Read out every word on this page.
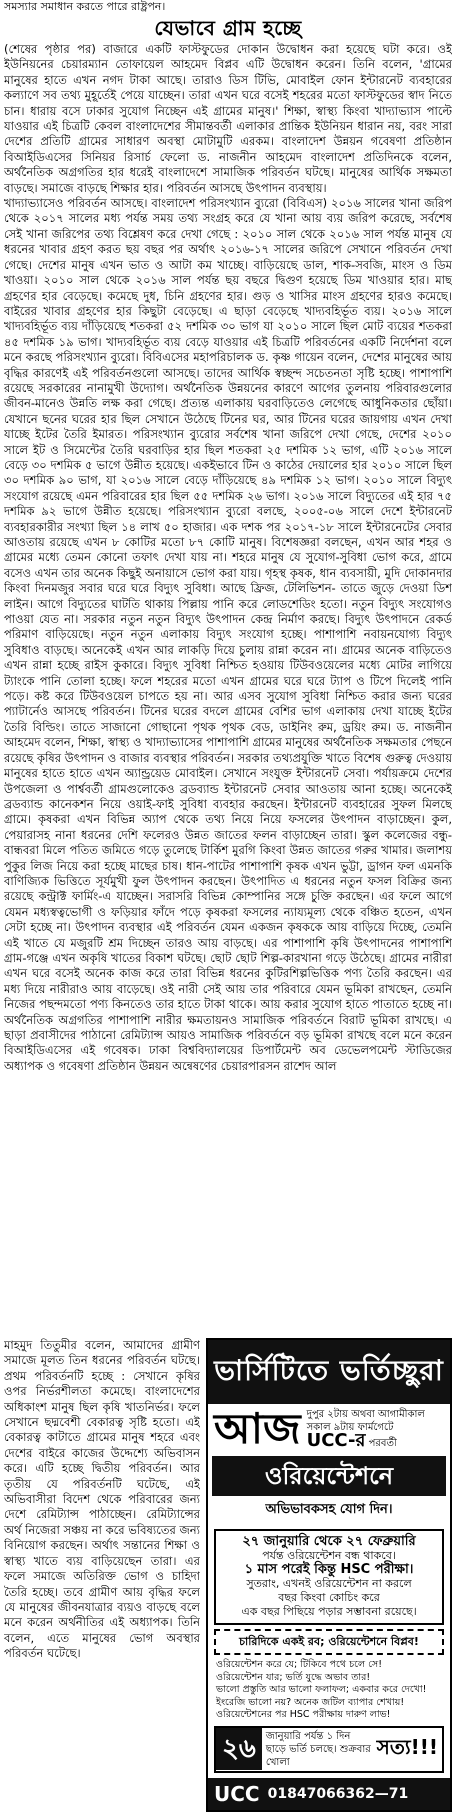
সমস্যার সমাধান করতে পারে রাষ্ট্রপন।
যেভাবে গ্রাম হচ্ছে

(শেষের পৃষ্ঠার পর) বাজারে একটি ফাস্টফুডের দোকান উদ্বোধন করা হয়েছে ঘটা করে। ওই ইউনিয়নের চেয়ারম্যান তোফায়েল আহমেদ বিপ্লব এটি উদ্বোধন করেন। তিনি বলেন, 'গ্রামের মানুষের হাতে এখন নগদ টাকা আছে। তারাও ডিস টিভি, মোবাইল ফোন ইন্টারনেট ব্যবহারের কল্যাণে সব তথ্য মুহূর্তেই পেয়ে যাচ্ছেন। তারা এখন ঘরে বসেই শহরের মতো ফাস্টফুডের স্বাদ নিতে চান। ধারায় বসে ঢাকার সুযোগ নিচ্ছেন এই গ্রামের মানুষ।' শিক্ষা, স্বাস্থ্য কিংবা খাদ্যাভ্যাস পাল্টে যাওয়ার এই চিত্রটি কেবল বাংলাদেশের সীমান্তবর্তী এলাকার প্রান্তিক ইউনিয়ন ধারান নয়, বরং সারা দেশের প্রতিটি গ্রামের সাধারণ অবস্থা মোটামুটি এরকম। বাংলাদেশ উন্নয়ন গবেষণা প্রতিষ্ঠান বিআইডিএসের সিনিয়র রিসার্চ ফেলো ড. নাজনীন আহমেদ বাংলাদেশ প্রতিদিনকে বলেন, অর্থনৈতিক অগ্রগতির হার ধরেই বাংলাদেশে সামাজিক পরিবর্তন ঘটছে। মানুষের আর্থিক সক্ষমতা বাড়ছে। সমাজে বাড়ছে শিক্ষার হার। পরিবর্তন আসছে উৎপাদন ব্যবস্থায়।

খাদ্যাভ্যাসেও পরিবর্তন আসছে। বাংলাদেশ পরিসংখ্যান ব্যুরো (বিবিএস) ২০১৬ সালের খানা জরিপ থেকে ২০১৭ সালের মধ্য পর্যন্ত সময় তথ্য সংগ্রহ করে যে খানা আয় ব্যয় জরিপ করেছে, সর্বশেষ সেই খানা জরিপের তথ্য বিশ্লেষণ করে দেখা গেছে : ২০১০ সাল থেকে ২০১৬ সাল পর্যন্ত মানুষ যে ধরনের খাবার গ্রহণ করত ছয় বছর পর অর্থাৎ ২০১৬-১৭ সালের জরিপে সেখানে পরিবর্তন দেখা গেছে। দেশের মানুষ এখন ভাত ও আটা কম খাচ্ছে। বাড়িয়েছে ডাল, শাক-সবজি, মাংস ও ডিম খাওয়া। ২০১০ সাল থেকে ২০১৬ সাল পর্যন্ত ছয় বছরে দ্বিগুণ হয়েছে ডিম খাওয়ার হার। মাছ গ্রহণের হার বেড়েছে। কমেছে দুধ, চিনি গ্রহণের হার। গুড় ও খাসির মাংস গ্রহণের হারও কমেছে। বাইরের খাবার গ্রহণের হার কিছুটা বেড়েছে। এ ছাড়া বেড়েছে খাদ্যবহির্ভূত ব্যয়। ২০১৬ সালে খাদ্যবহির্ভূত ব্যয় দাঁড়িয়েছে শতকরা ৫২ দশমিক ৩০ ভাগ যা ২০১০ সালে ছিল মোট ব্যয়ের শতকরা ৪৫ দশমিক ১৯ ভাগ। খাদ্যবহির্ভূত ব্যয় বেড়ে যাওয়ার এই চিত্রটি পরিবর্তনের একটি নির্দেশনা বলে মনে করছে পরিসংখ্যান ব্যুরো। বিবিএসের মহাপরিচালক ড. কৃষ্ণ গায়েন বলেন, দেশের মানুষের আয় বৃদ্ধির কারণেই এই পরিবর্তনগুলো আসছে। তাদের আর্থিক স্বচ্ছন্দ সচেতনতা সৃষ্টি হচ্ছে। পাশাপাশি রয়েছে সরকারের নানামুখী উদ্যোগ। অর্থনৈতিক উন্নয়নের কারণে আগের তুলনায় পরিবারগুলোর জীবন-মানেও উন্নতি লক্ষ করা গেছে। প্রত্যন্ত এলাকায় ঘরবাড়িতেও লেগেছে আধুনিকতার ছোঁয়া। যেখানে ছনের ঘরের হার ছিল সেখানে উঠেছে টিনের ঘর, আর টিনের ঘরের জায়গায় এখন দেখা যাচ্ছে ইটের তৈরি ইমারত। পরিসংখ্যান ব্যুরোর সর্বশেষ খানা জরিপে দেখা গেছে, দেশের ২০১০ সালে ইট ও সিমেন্টের তৈরি ঘরবাড়ির হার ছিল শতকরা ২৫ দশমিক ১২ ভাগ, এটি ২০১৬ সালে বেড়ে ৩০ দশমিক ৫ ভাগে উন্নীত হয়েছে। একইভাবে টিন ও কাঠের দেয়ালের হার ২০১০ সালে ছিল ৩০ দশমিক ৯০ ভাগ, যা ২০১৬ সালে বেড়ে দাঁড়িয়েছে ৪৯ দশমিক ১২ ভাগ। ২০১০ সালে বিদ্যুৎ সংযোগ রয়েছে এমন পরিবারের হার ছিল ৫৫ দশমিক ২৬ ভাগ। ২০১৬ সালে বিদ্যুতের এই হার ৭৫ দশমিক ৯২ ভাগে উন্নীত হয়েছে। পরিসংখ্যান ব্যুরো বলছে, ২০০৫-০৬ সালে দেশে ইন্টারনেট ব্যবহারকারীর সংখ্যা ছিল ১৪ লাখ ৫০ হাজার। এক দশক পর ২০১৭-১৮ সালে ইন্টারনেটের সেবার আওতায় রয়েছে এখন ৮ কোটির মতো ৮৭ কোটি মানুষ। বিশেষজ্ঞরা বলছেন, এখন আর শহর ও গ্রামের মধ্যে তেমন কোনো তফাৎ দেখা যায় না। শহরে মানুষ যে সুযোগ-সুবিধা ভোগ করে, গ্রামে বসেও এখন তার অনেক কিছুই অনায়াসে ভোগ করা যায়। গৃহস্থ কৃষক, ধান ব্যবসায়ী, মুদি দোকানদার কিংবা দিনমজুর সবার ঘরে ঘরে বিদ্যুৎ সুবিধা। আছে ফ্রিজ, টেলিভিশন- তাতে জুড়ে দেওয়া ডিশ লাইন। আগে বিদ্যুতের ঘাটতি থাকায় পিল্লায় পানি করে লোডশেডিং হতো। নতুন বিদ্যুৎ সংযোগও পাওয়া যেত না। সরকার নতুন নতুন বিদ্যুৎ উৎপাদন কেন্দ্র নির্মাণ করছে। বিদ্যুৎ উৎপাদনে রেকর্ড পরিমাণ বাড়িয়েছে। নতুন নতুন এলাকায় বিদ্যুৎ সংযোগ হচ্ছে। পাশাপাশি নবায়নযোগ্য বিদ্যুৎ সুবিধাও বাড়ছে। অনেকেই এখন আর লাকড়ি দিয়ে চুলায় রান্না করেন না। গ্রামের অনেক বাড়িতেও এখন রান্না হচ্ছে রাইস কুকারে। বিদ্যুৎ সুবিধা নিশ্চিত হওয়ায় টিউবওয়েলের মধ্যে মোটর লাগিয়ে ট্যাংকে পানি তোলা হচ্ছে। ফলে শহরের মতো এখন গ্রামের ঘরে ঘরে ট্যাপ ও টিপে দিলেই পানি পড়ে। কষ্ট করে টিউবওয়েল চাপতে হয় না। আর এসব সুযোগ সুবিধা নিশ্চিত করার জন্য ঘরের প্যাটার্নেও আসছে পরিবর্তন। টিনের ঘরের বদলে গ্রামের বেশির ভাগ এলাকায় দেখা যাচ্ছে ইটের তৈরি বিল্ডিং। তাতে সাজানো গোছানো পৃথক পৃথক বেড, ডাইনিং রুম, ড্রয়িং রুম। ড. নাজনীন আহমেদ বলেন, শিক্ষা, স্বাস্থ্য ও খাদ্যাভ্যাসের পাশাপাশি গ্রামের মানুষের অর্থনৈতিক সক্ষমতার পেছনে রয়েছে কৃষির উৎপাদন ও বাজার ব্যবস্থার পরিবর্তন। সরকার তথ্যপ্রযুক্তি খাতে বিশেষ গুরুত্ব দেওয়ায় মানুষের হাতে হাতে এখন অ্যান্ড্রয়েড মোবাইল। সেখানে সংযুক্ত ইন্টারনেট সেবা। পর্যায়ক্রমে দেশের উপজেলা ও পার্শ্ববর্তী গ্রামগুলোকেও ব্রডব্যান্ড ইন্টারনেট সেবার আওতায় আনা হচ্ছে। অনেকেই ব্রডব্যান্ড কানেকশন নিয়ে ওয়াই-ফাই সুবিধা ব্যবহার করছেন। ইন্টারনেট ব্যবহারের সুফল মিলছে গ্রামে। কৃষকরা এখন বিভিন্ন অ্যাপ থেকে তথ্য নিয়ে নিয়ে ফসলের উৎপাদন বাড়াচ্ছেন। কুল, পেয়ারাসহ নানা ধরনের দেশি ফলেরও উন্নত জাতের ফলন বাড়াচ্ছেন তারা। স্কুল কলেজের বন্ধু-বান্ধবরা মিলে পতিত জমিতে গড়ে তুলেছে টার্কিশ মুরগি কিংবা উন্নত জাতের গরুর খামার। জলাশয় পুকুর লিজ নিয়ে করা হচ্ছে মাছের চাষ। ধান-পাটের পাশাপাশি কৃষক এখন ভুট্টা, ড্রাগন ফল এমনকি বাণিজ্যিক ভিত্তিতে সূর্যমুখী ফুল উৎপাদন করছেন। উৎপাদিত এ ধরনের নতুন ফসল বিক্রির জন্য রয়েছে কন্ট্রাক্ট ফার্মিং-এ যাচ্ছেন। সরাসরি বিভিন্ন কোম্পানির সঙ্গে চুক্তি করছেন। এর ফলে আগে যেমন মধ্যস্বত্বভোগী ও ফড়িয়ার ফাঁদে পড়ে কৃষকরা ফসলের ন্যায্যমূল্য থেকে বঞ্চিত হতেন, এখন সেটা হচ্ছে না। উৎপাদন ব্যবস্থার এই পরিবর্তন যেমন একজন কৃষককে আয় বাড়িয়ে দিচ্ছে, তেমনি এই খাতে যে মজুরটি শ্রম দিচ্ছেন তারও আয় বাড়ছে। এর পাশাপাশি কৃষি উৎপাদনের পাশাপাশি গ্রাম-গঞ্জে এখন অকৃষি খাতের বিকাশ ঘটছে। ছোট ছোট শিল্প-কারখানা গড়ে উঠেছে। গ্রামের নারীরা এখন ঘরে বসেই অনেক কাজ করে তারা বিভিন্ন ধরনের কুটিরশিল্পভিত্তিক পণ্য তৈরি করছেন। এর মধ্য দিয়ে নারীরাও আয় বাড়েছে। ওই নারী সেই আয় তার পরিবারে যেমন ভূমিকা রাখছেন, তেমনি নিজের পছন্দমতো পণ্য কিনতেও তার হাতে টাকা থাকে। আয় করার সুযোগ হাতে পাতাতে হচ্ছে না। অর্থনৈতিক অগ্রগতির পাশাপাশি নারীর ক্ষমতায়নও সামাজিক পরিবর্তনে বিরাট ভূমিকা রাখছে। এ ছাড়া প্রবাসীদের পাঠানো রেমিট্যান্স আয়ও সামাজিক পরিবর্তনে বড় ভূমিকা রাখছে বলে মনে করেন বিআইডিএসের এই গবেষক। ঢাকা বিশ্ববিদ্যালয়ের ডিপার্টমেন্ট অব ডেভেলপমেন্ট স্টাডিজের অধ্যাপক ও গবেষণা প্রতিষ্ঠান উন্নয়ন অন্বেষণের চেয়ারপারসন রাশেদ আল

মাহমুদ তিতুমীর বলেন, আমাদের গ্রামীণ সমাজে মূলত তিন ধরনের পরিবর্তন ঘটছে। প্রথম পরিবর্তনটি হচ্ছে : সেখানে কৃষির ওপর নির্ভরশীলতা কমেছে। বাংলাদেশের অধিকাংশ মানুষ ছিল কৃষি খাতনির্ভর। ফলে সেখানে ছদ্মবেশী বেকারত্ব সৃষ্টি হতো। এই বেকারত্ব কাটাতে গ্রামের মানুষ শহরে এবং দেশের বাইরে কাজের উদ্দেশ্যে অভিবাসন করে। এটি হচ্ছে দ্বিতীয় পরিবর্তন। আর তৃতীয় যে পরিবর্তনটি ঘটেছে, এই অভিবাসীরা বিদেশ থেকে পরিবারের জন্য দেশে রেমিট্যান্স পাঠাচ্ছেন। রেমিট্যান্সের অর্থ নিজেরা সঞ্চয় না করে ভবিষ্যতের জন্য বিনিয়োগ করছেন। অর্থাৎ সন্তানের শিক্ষা ও স্বাস্থ্য খাতে ব্যয় বাড়িয়েছেন তারা। এর ফলে সমাজে অতিরিক্ত ভোগ ও চাহিদা তৈরি হচ্ছে। তবে গ্রামীণ আয় বৃদ্ধির ফলে যে মানুষের জীবনযাত্রার ব্যয়ও বাড়ছে বলে মনে করেন অর্থনীতির এই অধ্যাপক। তিনি বলেন, এতে মানুষের ভোগ অবস্থার পরিবর্তন ঘটেছে।
ভার্সিটিতে ভর্তিচ্ছুরা
আজ দুপুর ২টায় অথবা আগামীকাল
সকাল ৯টায় ফার্মগেটে
UCC-র পরবর্তী
ওরিয়েন্টেশনে
অভিভাবকসহ যোগ দিন।
২৭ জানুয়ারি থেকে ২৭ ফেব্রুয়ারি
পর্যন্ত ওরিয়েন্টেশন বন্ধ থাকবে।
১ মাস পরেই কিন্তু HSC পরীক্ষা।
সুতরাং, এখনই ওরিয়েন্টেশন না করলে
বছর কিংবা কোচিং করে
এক বছর পিছিয়ে পড়ার সম্ভাবনা রয়েছে।
চারিদিকে একই রব; ওরিয়েন্টেশনে বিপ্লব!
ওরিয়েন্টেশন করে যে; টিকিবে পথে চলে সে!
ওরিয়েন্টেশন যার; ভর্তি যুদ্ধে অভাব তার!
ভালো প্রস্তুতি আর ভালো ফলাফল; একবার করে দেখো!
ইংরেজি ভালো নয়? অনেক জটিল ব্যাপার শেখায়!
ওরিয়েন্টেশনের পর HSC পরীক্ষায় দারুণ লাভ!
২৬	জানুয়ারি পর্যন্ত ১ দিন
ছাড়ে ভর্তি চলছে। শুক্রবার খোলা
সত্য!!!
UCC 01847066362—71
